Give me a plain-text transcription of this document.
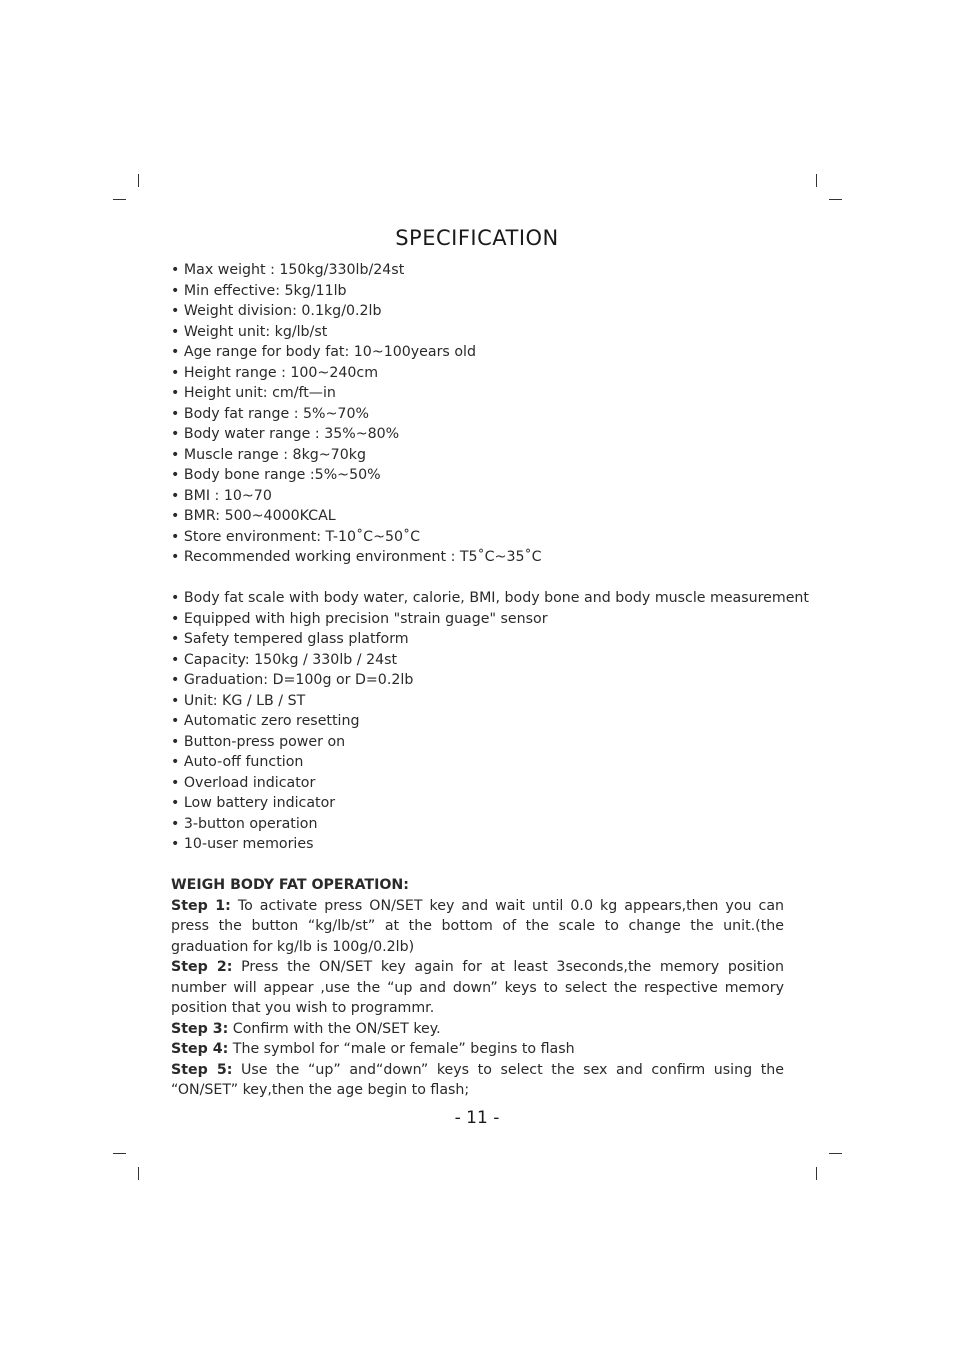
SPECIFICATION
• Max weight : 150kg/330lb/24st
• Min effective: 5kg/11lb
• Weight division: 0.1kg/0.2lb
• Weight unit: kg/lb/st
• Age range for body fat: 10~100years old
• Height range : 100~240cm
• Height unit: cm/ft—in
• Body fat range : 5%~70%
• Body water range : 35%~80%
• Muscle range : 8kg~70kg
• Body bone range :5%~50%
• BMI : 10~70
• BMR: 500~4000KCAL
• Store environment: T-10˚C~50˚C
• Recommended working environment : T5˚C~35˚C
• Body fat scale with body water, calorie, BMI, body bone and body muscle measurement
• Equipped with high precision "strain guage" sensor
• Safety tempered glass platform
• Capacity: 150kg / 330lb / 24st
• Graduation: D=100g or D=0.2lb
• Unit: KG / LB / ST
• Automatic zero resetting
• Button-press power on
• Auto-off function
• Overload indicator
• Low battery indicator
• 3-button operation
• 10-user memories

WEIGH BODY FAT OPERATION:

Step 1: To activate press ON/SET key and wait until 0.0 kg appears,then you can press the button “kg/lb/st” at the bottom of the scale to change the unit.(the graduation for kg/lb is 100g/0.2lb)

Step 2: Press the ON/SET key again for at least 3seconds,the memory position number will appear ,use the “up and down” keys to select the respective memory position that you wish to programmr.

Step 3: Confirm with the ON/SET key.

Step 4: The symbol for “male or female” begins to flash

Step 5: Use the “up” and“down” keys to select the sex and confirm using the “ON/SET” key,then the age begin to flash;

- 11 -
